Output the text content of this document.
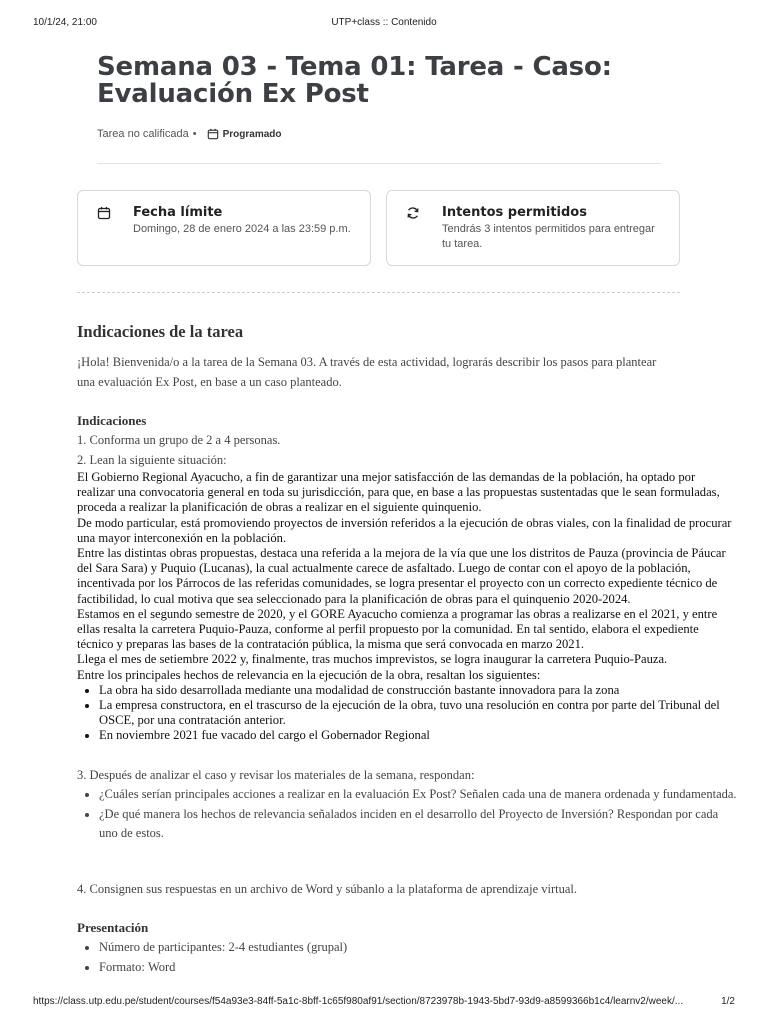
10/1/24, 21:00	UTP+class :: Contenido
Semana 03 - Tema 01: Tarea - Caso: Evaluación Ex Post
Tarea no calificada •	Programado
Fecha límite
Domingo, 28 de enero 2024 a las 23:59 p.m.
Intentos permitidos
Tendrás 3 intentos permitidos para entregar tu tarea.
Indicaciones de la tarea
¡Hola! Bienvenida/o a la tarea de la Semana 03. A través de esta actividad, lograrás describir los pasos para plantear una evaluación Ex Post, en base a un caso planteado.
Indicaciones
1. Conforma un grupo de 2 a 4 personas.
2. Lean la siguiente situación:

El Gobierno Regional Ayacucho, a fin de garantizar una mejor satisfacción de las demandas de la población, ha optado por realizar una convocatoria general en toda su jurisdicción, para que, en base a las propuestas sustentadas que le sean formuladas, proceda a realizar la planificación de obras a realizar en el siguiente quinquenio.

De modo particular, está promoviendo proyectos de inversión referidos a la ejecución de obras viales, con la finalidad de procurar una mayor interconexión en la población.

Entre las distintas obras propuestas, destaca una referida a la mejora de la vía que une los distritos de Pauza (provincia de Páucar del Sara Sara) y Puquio (Lucanas), la cual actualmente carece de asfaltado. Luego de contar con el apoyo de la población, incentivada por los Párrocos de las referidas comunidades, se logra presentar el proyecto con un correcto expediente técnico de factibilidad, lo cual motiva que sea seleccionado para la planificación de obras para el quinquenio 2020-2024.

Estamos en el segundo semestre de 2020, y el GORE Ayacucho comienza a programar las obras a realizarse en el 2021, y entre ellas resalta la carretera Puquio-Pauza, conforme al perfil propuesto por la comunidad. En tal sentido, elabora el expediente técnico y preparas las bases de la contratación pública, la misma que será convocada en marzo 2021.

Llega el mes de setiembre 2022 y, finalmente, tras muchos imprevistos, se logra inaugurar la carretera Puquio-Pauza.

Entre los principales hechos de relevancia en la ejecución de la obra, resaltan los siguientes:

• La obra ha sido desarrollada mediante una modalidad de construcción bastante innovadora para la zona
• La empresa constructora, en el trascurso de la ejecución de la obra, tuvo una resolución en contra por parte del Tribunal del OSCE, por una contratación anterior.
• En noviembre 2021 fue vacado del cargo el Gobernador Regional
3. Después de analizar el caso y revisar los materiales de la semana, respondan:
• ¿Cuáles serían principales acciones a realizar en la evaluación Ex Post? Señalen cada una de manera ordenada y fundamentada.
• ¿De qué manera los hechos de relevancia señalados inciden en el desarrollo del Proyecto de Inversión? Respondan por cada uno de estos.
4. Consignen sus respuestas en un archivo de Word y súbanlo a la plataforma de aprendizaje virtual.
Presentación
• Número de participantes: 2-4 estudiantes (grupal)
• Formato: Word
https://class.utp.edu.pe/student/courses/f54a93e3-84ff-5a1c-8bff-1c65f980af91/section/8723978b-1943-5bd7-93d9-a8599366b1c4/learnv2/week/...	1/2
